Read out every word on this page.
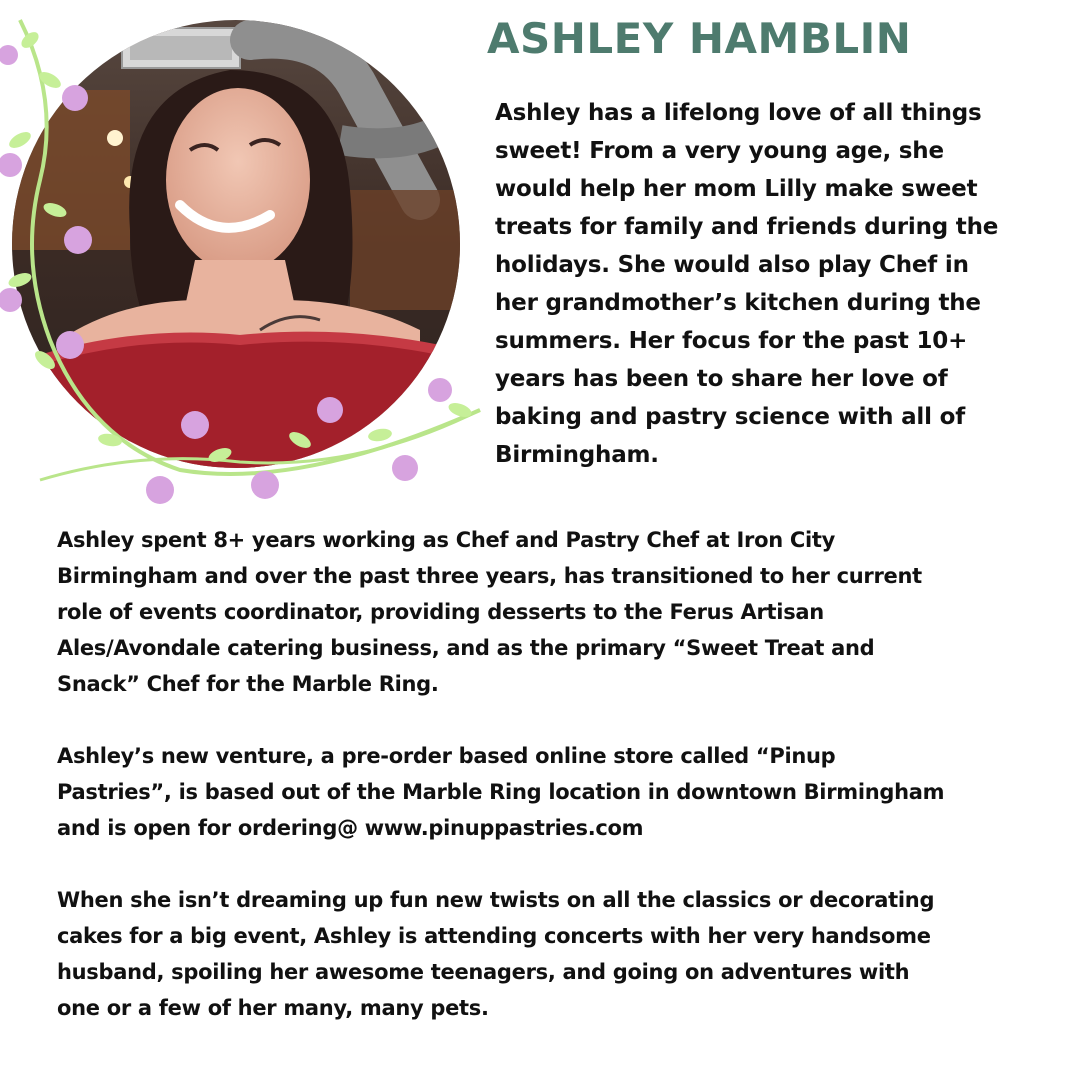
ASHLEY HAMBLIN

Ashley has a lifelong love of all things
sweet! From a very young age, she
would help her mom Lilly make sweet
treats for family and friends during the
holidays. She would also play Chef in
her grandmother’s kitchen during the
summers. Her focus for the past 10+
years has been to share her love of
baking and pastry science with all of
Birmingham.

Ashley spent 8+ years working as Chef and Pastry Chef at Iron City
Birmingham and over the past three years, has transitioned to her current
role of events coordinator, providing desserts to the Ferus Artisan
Ales/Avondale catering business, and as the primary “Sweet Treat and
Snack” Chef for the Marble Ring.

Ashley’s new venture, a pre-order based online store called “Pinup
Pastries”, is based out of the Marble Ring location in downtown Birmingham
and is open for ordering@ www.pinuppastries.com

When she isn’t dreaming up fun new twists on all the classics or decorating
cakes for a big event, Ashley is attending concerts with her very handsome
husband, spoiling her awesome teenagers, and going on adventures with
one or a few of her many, many pets.
